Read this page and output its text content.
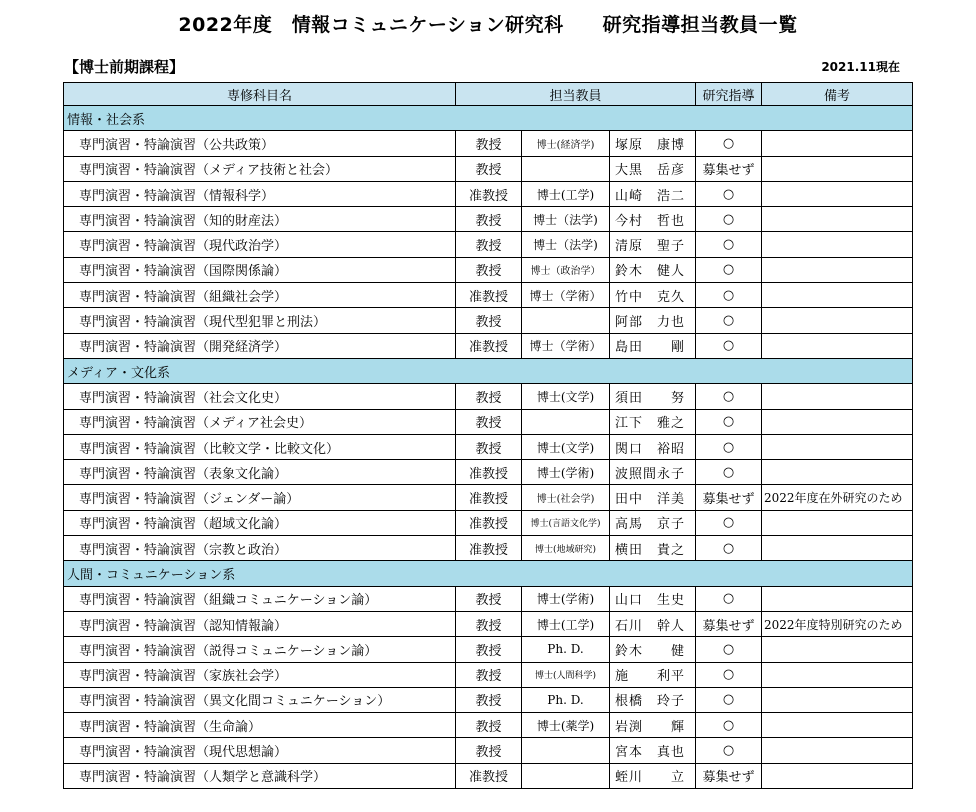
2022年度　情報コミュニケーション研究科　　研究指導担当教員一覧
【博士前期課程】	2021.11現在
専修科目名	担当教員			研究指導	備考
情報・社会系					
専門演習・特論演習（公共政策）	教授	博士(経済学)	塚原　康博	○	
専門演習・特論演習（メディア技術と社会）	教授		大黒　岳彦	募集せず	
専門演習・特論演習（情報科学）	准教授	博士(工学)	山崎　浩二	○	
専門演習・特論演習（知的財産法）	教授	博士（法学)	今村　哲也	○	
専門演習・特論演習（現代政治学）	教授	博士（法学)	清原　聖子	○	
専門演習・特論演習（国際関係論）	教授	博士（政治学）	鈴木　健人	○	
専門演習・特論演習（組織社会学）	准教授	博士（学術）	竹中　克久	○	
専門演習・特論演習（現代型犯罪と刑法）	教授		阿部　力也	○	
専門演習・特論演習（開発経済学）	准教授	博士（学術）	島田　　剛	○	
メディア・文化系					
専門演習・特論演習（社会文化史）	教授	博士(文学)	須田　　努	○	
専門演習・特論演習（メディア社会史）	教授		江下　雅之	○	
専門演習・特論演習（比較文学・比較文化）	教授	博士(文学)	関口　裕昭	○	
専門演習・特論演習（表象文化論）	准教授	博士(学術)	波照間永子	○	
専門演習・特論演習（ジェンダー論）	准教授	博士(社会学)	田中　洋美	募集せず	2022年度在外研究のため
専門演習・特論演習（超域文化論）	准教授	博士(言語文化学)	高馬　京子	○	
専門演習・特論演習（宗教と政治）	准教授	博士(地域研究)	横田　貴之	○	
人間・コミュニケーション系					
専門演習・特論演習（組織コミュニケーション論）	教授	博士(学術)	山口　生史	○	
専門演習・特論演習（認知情報論）	教授	博士(工学)	石川　幹人	募集せず	2022年度特別研究のため
専門演習・特論演習（説得コミュニケーション論）	教授	Ph. D.	鈴木　　健	○	
専門演習・特論演習（家族社会学）	教授	博士(人間科学)	施　　利平	○	
専門演習・特論演習（異文化間コミュニケーション）	教授	Ph. D.	根橋　玲子	○	
専門演習・特論演習（生命論）	教授	博士(薬学)	岩渕　　輝	○	
専門演習・特論演習（現代思想論）	教授		宮本　真也	○	
専門演習・特論演習（人類学と意識科学）	准教授		蛭川　　立	募集せず	
